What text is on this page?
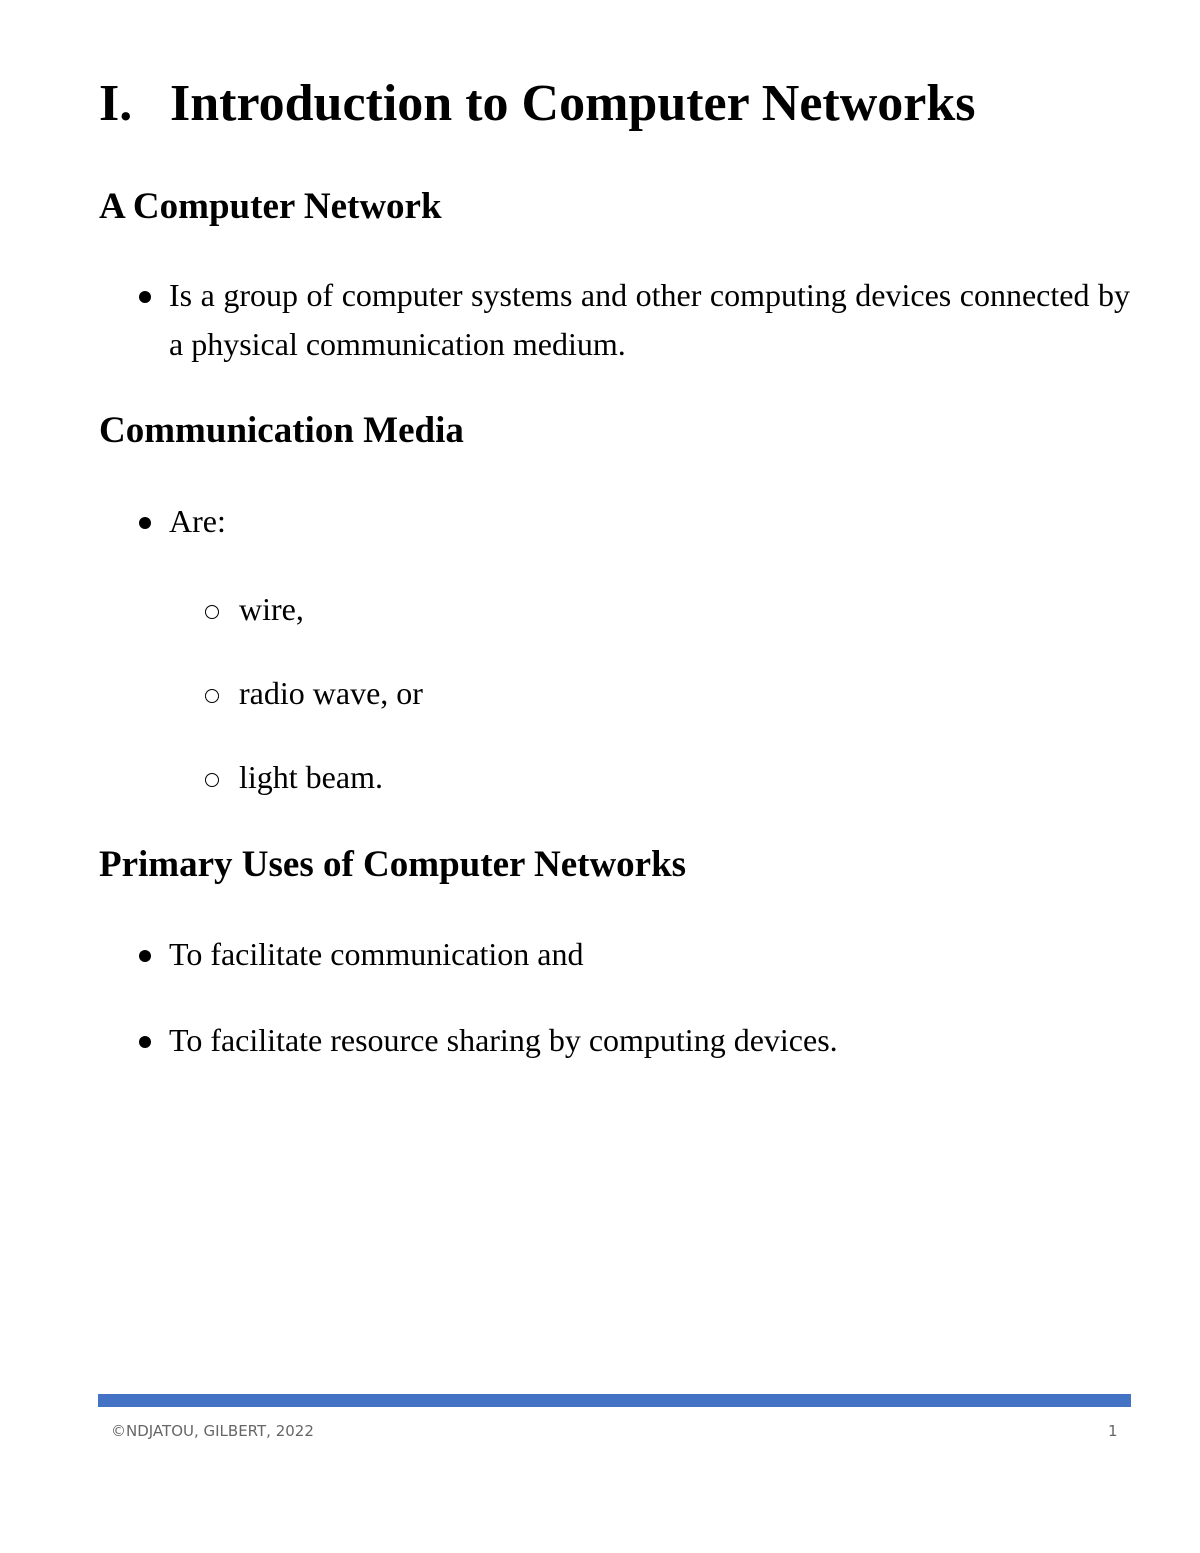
I. Introduction to Computer Networks
A Computer Network
Is a group of computer systems and other computing devices connected by a physical communication medium.
Communication Media
Are:
wire,
radio wave, or
light beam.
Primary Uses of Computer Networks
To facilitate communication and
To facilitate resource sharing by computing devices.
©NDJATOU, GILBERT, 2022	1
